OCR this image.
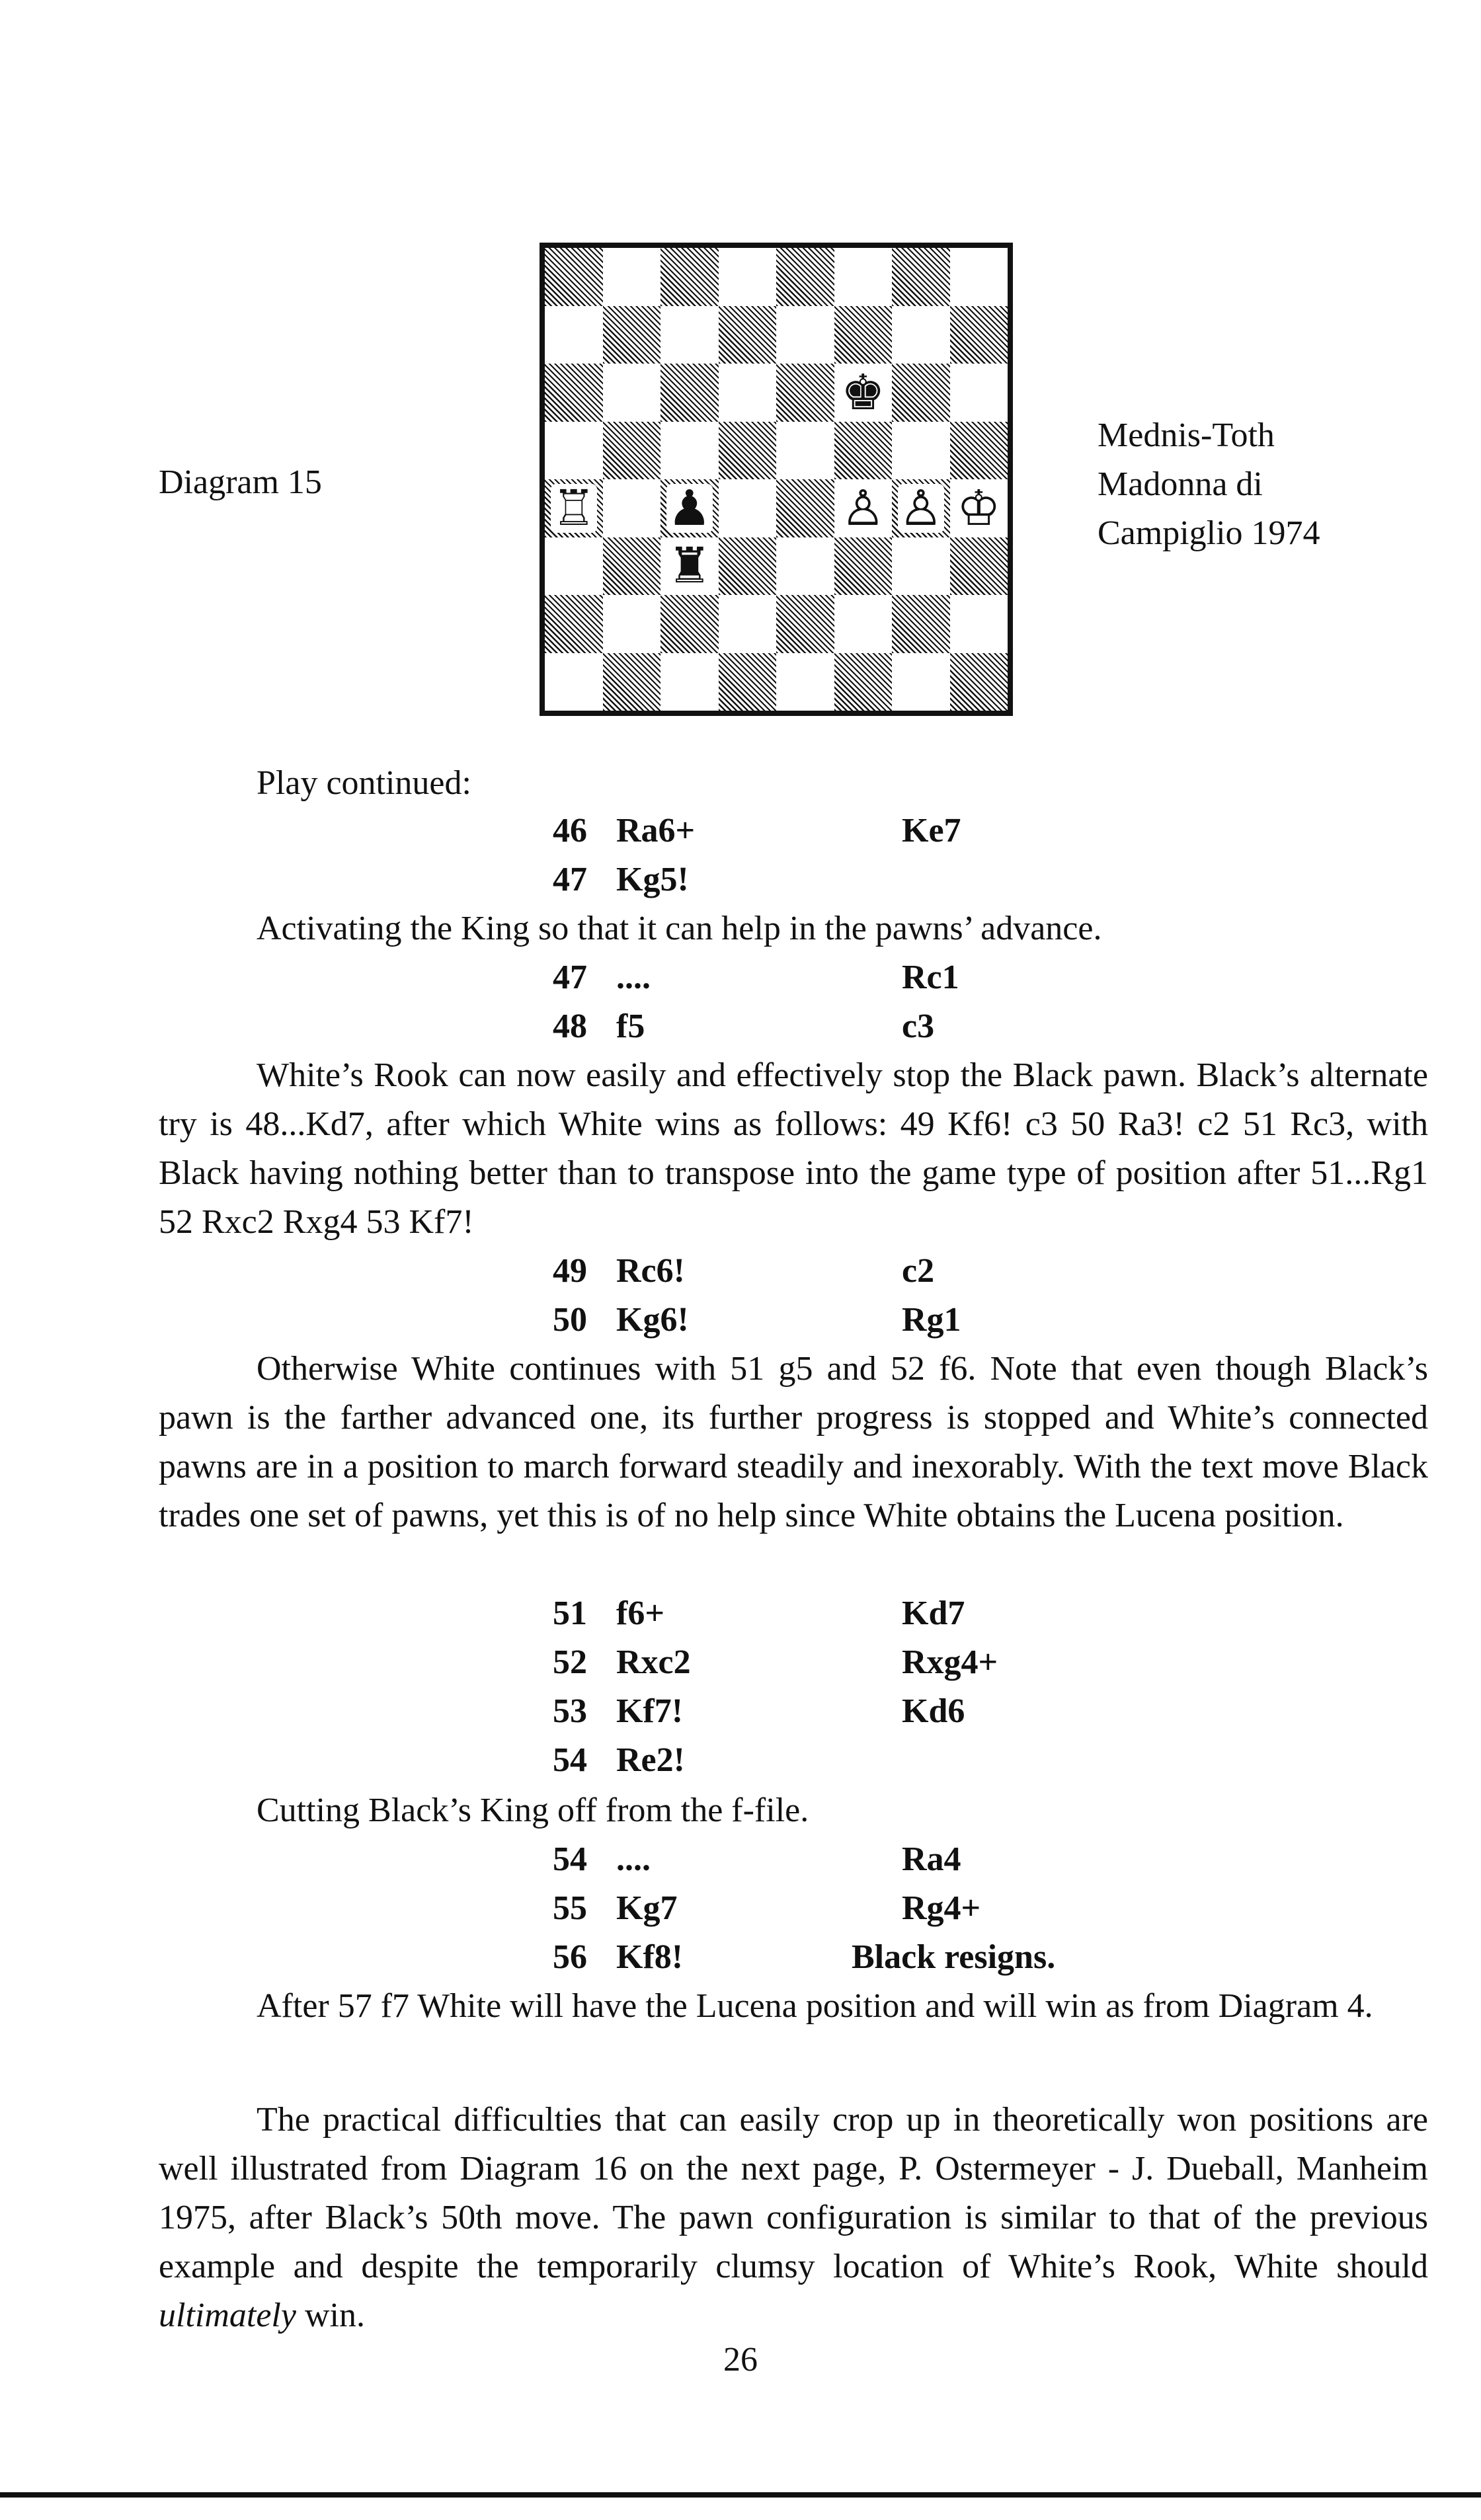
Diagram 15
♚
♖ ♟	♙ ♙ ♔
♜
Mednis-Toth
Madonna di
Campiglio 1974
Play continued:
46 Ra6+	Ke7
47 Kg5!
Activating the King so that it can help in the pawns’ advance.
47 ....	Rc1
48 f5	c3
White’s Rook can now easily and effectively stop the Black pawn. Black’s alternate try is 48...Kd7, after which White wins as follows: 49 Kf6! c3 50 Ra3! c2 51 Rc3, with Black having nothing better than to transpose into the game type of position after 51...Rg1 52 Rxc2 Rxg4 53 Kf7!
49 Rc6!	c2
50 Kg6!	Rg1
Otherwise White continues with 51 g5 and 52 f6. Note that even though Black’s pawn is the farther advanced one, its further progress is stopped and White’s connected pawns are in a position to march forward steadily and inexorably. With the text move Black trades one set of pawns, yet this is of no help since White obtains the Lucena position.
51 f6+	Kd7
52 Rxc2	Rxg4+
53 Kf7!	Kd6
54 Re2!
Cutting Black’s King off from the f-file.
54 ....	Ra4
55 Kg7	Rg4+
56 Kf8!	Black resigns.
After 57 f7 White will have the Lucena position and will win as from Diagram 4.
The practical difficulties that can easily crop up in theoretically won positions are well illustrated from Diagram 16 on the next page, P. Ostermeyer - J. Dueball, Manheim 1975, after Black’s 50th move. The pawn configuration is similar to that of the previous example and despite the temporarily clumsy location of White’s Rook, White should ultimately win.
26
